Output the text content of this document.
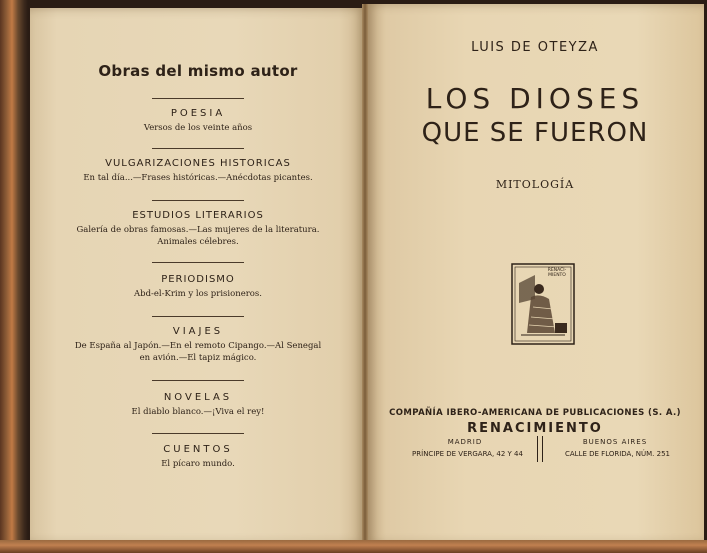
Obras del mismo autor
POESIA
Versos de los veinte años
VULGARIZACIONES HISTORICAS
En tal día...—Frases históricas.—Anécdotas picantes.
ESTUDIOS LITERARIOS
Galería de obras famosas.—Las mujeres de la literatura.
Animales célebres.
PERIODISMO
Abd-el-Krim y los prisioneros.
VIAJES
De España al Japón.—En el remoto Cipango.—Al Senegal
en avión.—El tapiz mágico.
NOVELAS
El diablo blanco.—¡Viva el rey!
CUENTOS
El pícaro mundo.
LUIS DE OTEYZA
LOS DIOSES
QUE SE FUERON
MITOLOGÍA
RENACI-MIENTO
COMPAÑÍA IBERO-AMERICANA DE PUBLICACIONES (S. A.)
RENACIMIENTO
MADRID
PRÍNCIPE DE VERGARA, 42 Y 44
BUENOS AIRES
CALLE DE FLORIDA, NÚM. 251
